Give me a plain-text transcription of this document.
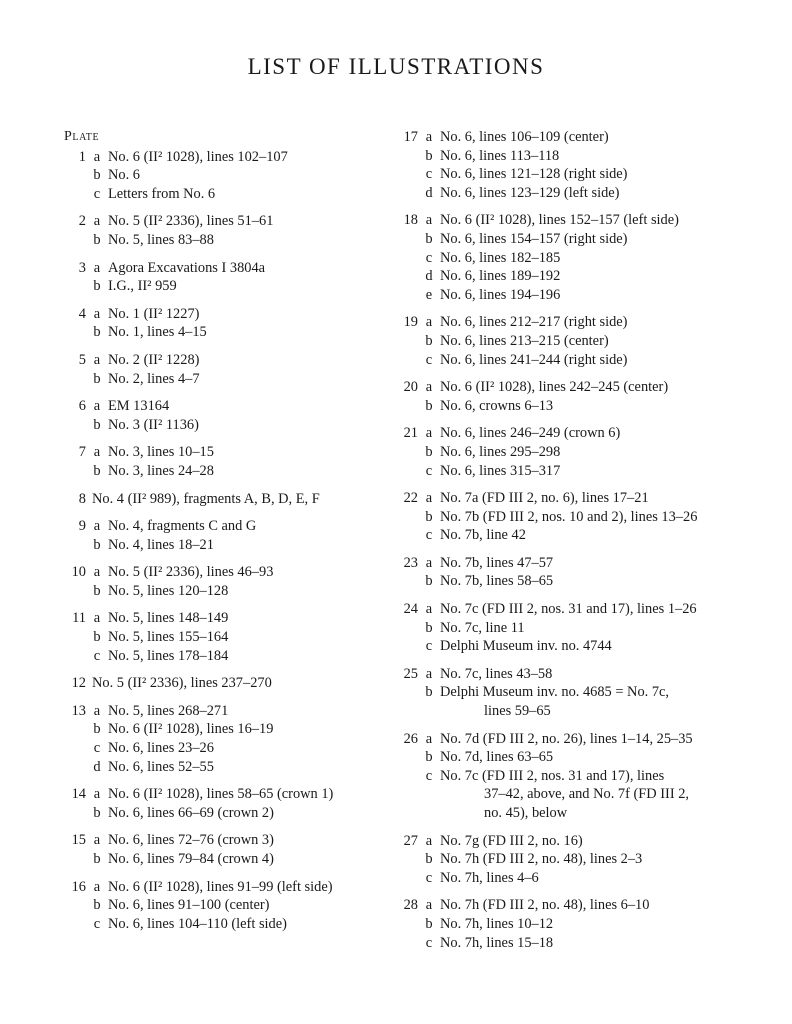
LIST OF ILLUSTRATIONS
Plate
1 a No. 6 (II² 1028), lines 102–107
b No. 6
c Letters from No. 6
2 a No. 5 (II² 2336), lines 51–61
b No. 5, lines 83–88
3 a Agora Excavations I 3804a
b I.G., II² 959
4 a No. 1 (II² 1227)
b No. 1, lines 4–15
5 a No. 2 (II² 1228)
b No. 2, lines 4–7
6 a EM 13164
b No. 3 (II² 1136)
7 a No. 3, lines 10–15
b No. 3, lines 24–28
8 No. 4 (II² 989), fragments A, B, D, E, F
9 a No. 4, fragments C and G
b No. 4, lines 18–21
10 a No. 5 (II² 2336), lines 46–93
b No. 5, lines 120–128
11 a No. 5, lines 148–149
b No. 5, lines 155–164
c No. 5, lines 178–184
12 No. 5 (II² 2336), lines 237–270
13 a No. 5, lines 268–271
b No. 6 (II² 1028), lines 16–19
c No. 6, lines 23–26
d No. 6, lines 52–55
14 a No. 6 (II² 1028), lines 58–65 (crown 1)
b No. 6, lines 66–69 (crown 2)
15 a No. 6, lines 72–76 (crown 3)
b No. 6, lines 79–84 (crown 4)
16 a No. 6 (II² 1028), lines 91–99 (left side)
b No. 6, lines 91–100 (center)
c No. 6, lines 104–110 (left side)
17 a No. 6, lines 106–109 (center)
b No. 6, lines 113–118
c No. 6, lines 121–128 (right side)
d No. 6, lines 123–129 (left side)
18 a No. 6 (II² 1028), lines 152–157 (left side)
b No. 6, lines 154–157 (right side)
c No. 6, lines 182–185
d No. 6, lines 189–192
e No. 6, lines 194–196
19 a No. 6, lines 212–217 (right side)
b No. 6, lines 213–215 (center)
c No. 6, lines 241–244 (right side)
20 a No. 6 (II² 1028), lines 242–245 (center)
b No. 6, crowns 6–13
21 a No. 6, lines 246–249 (crown 6)
b No. 6, lines 295–298
c No. 6, lines 315–317
22 a No. 7a (FD III 2, no. 6), lines 17–21
b No. 7b (FD III 2, nos. 10 and 2), lines 13–26
c No. 7b, line 42
23 a No. 7b, lines 47–57
b No. 7b, lines 58–65
24 a No. 7c (FD III 2, nos. 31 and 17), lines 1–26
b No. 7c, line 11
c Delphi Museum inv. no. 4744
25 a No. 7c, lines 43–58
b Delphi Museum inv. no. 4685 = No. 7c,
lines 59–65
26 a No. 7d (FD III 2, no. 26), lines 1–14, 25–35
b No. 7d, lines 63–65
c No. 7c (FD III 2, nos. 31 and 17), lines
37–42, above, and No. 7f (FD III 2,
no. 45), below
27 a No. 7g (FD III 2, no. 16)
b No. 7h (FD III 2, no. 48), lines 2–3
c No. 7h, lines 4–6
28 a No. 7h (FD III 2, no. 48), lines 6–10
b No. 7h, lines 10–12
c No. 7h, lines 15–18
